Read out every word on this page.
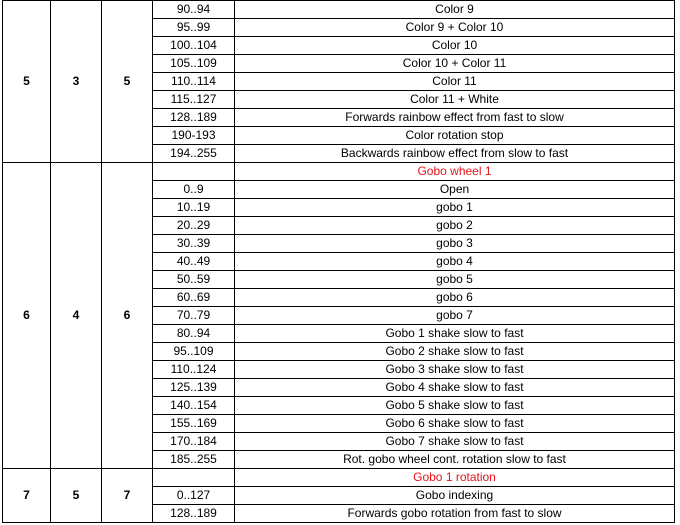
5	3	5	90..94	Color 9
			95..99	Color 9 + Color 10
			100..104	Color 10
			105..109	Color 10 + Color 11
			110..114	Color 11
			115..127	Color 11 + White
			128..189	Forwards rainbow effect from fast to slow
			190-193	Color rotation stop
			194..255	Backwards rainbow effect from slow to fast
6	4	6		Gobo wheel 1
			0..9	Open
			10..19	gobo 1
			20..29	gobo 2
			30..39	gobo 3
			40..49	gobo 4
			50..59	gobo 5
			60..69	gobo 6
			70..79	gobo 7
			80..94	Gobo 1 shake slow to fast
			95..109	Gobo 2 shake slow to fast
			110..124	Gobo 3 shake slow to fast
			125..139	Gobo 4 shake slow to fast
			140..154	Gobo 5 shake slow to fast
			155..169	Gobo 6 shake slow to fast
			170..184	Gobo 7 shake slow to fast
			185..255	Rot. gobo wheel cont. rotation slow to fast
7	5	7		Gobo 1 rotation
			0..127	Gobo indexing
			128..189	Forwards gobo rotation from fast to slow
